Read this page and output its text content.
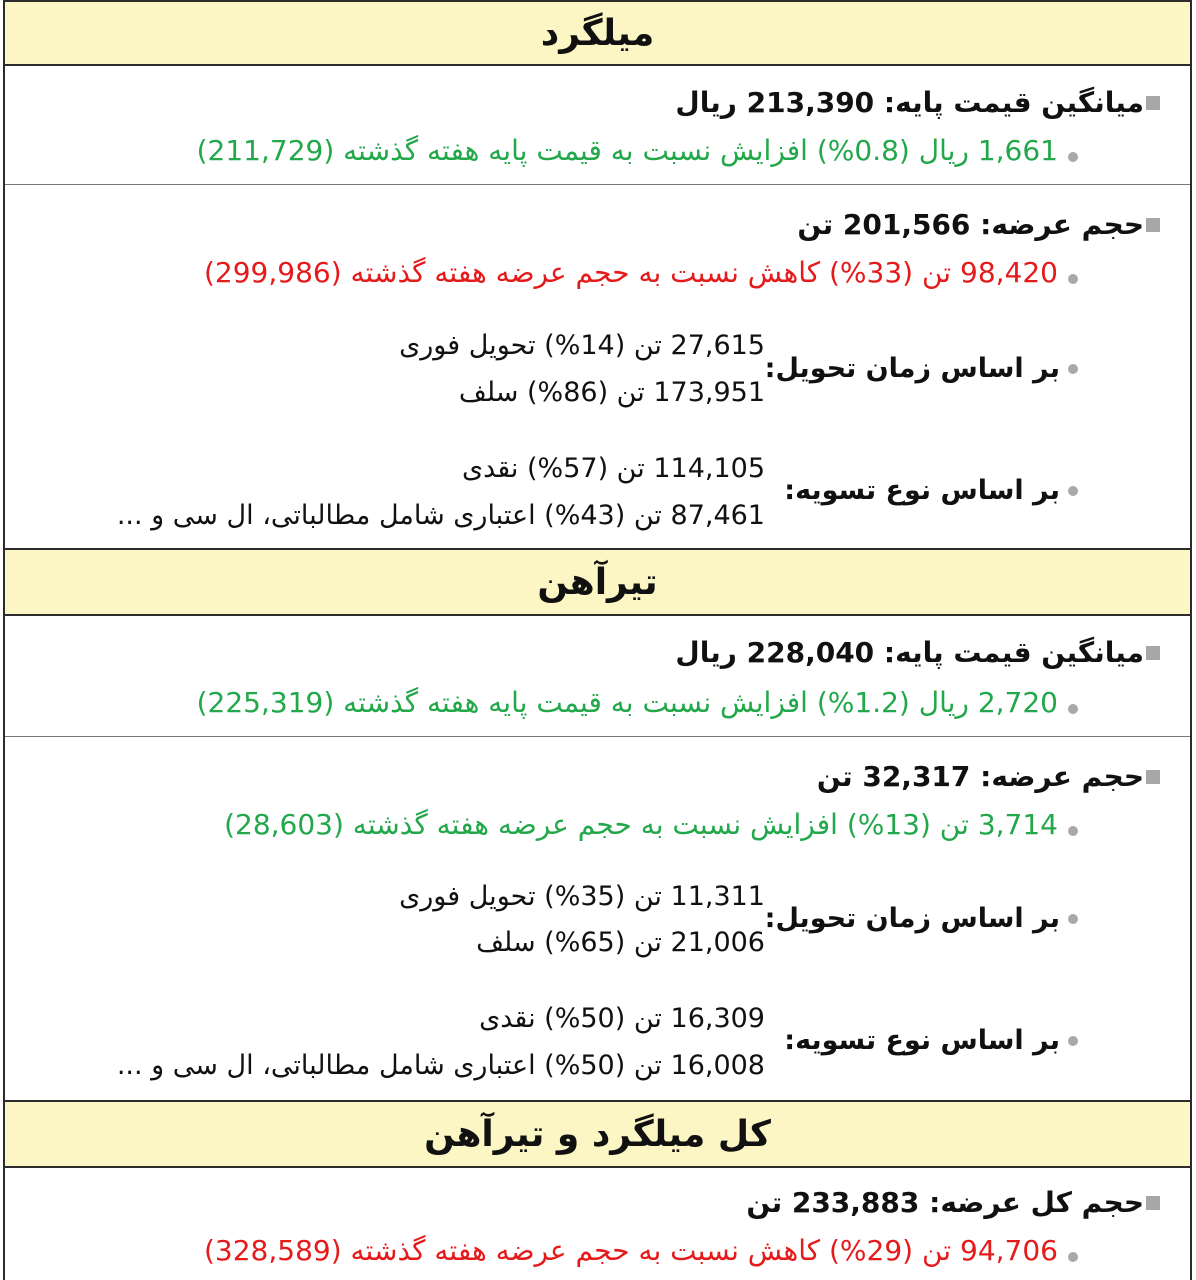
میلگرد
میانگین قیمت پایه:

213,390

ریال
1,661 ریال (0.8%) افزایش نسبت به قیمت پایه هفته گذشته (211,729)
حجم عرضه:

201,566

تن
98,420 تن (33%) کاهش نسبت به حجم عرضه هفته گذشته (299,986)
بر اساس زمان تحویل:
27,615 تن (14%) تحویل فوری
173,951 تن (86%) سلف
بر اساس نوع تسویه:
114,105 تن (57%) نقدی
87,461 تن (43%) اعتباری شامل مطالباتی، ال سی و ...
تیرآهن
میانگین قیمت پایه:

228,040

ریال
2,720 ریال (1.2%) افزایش نسبت به قیمت پایه هفته گذشته (225,319)
حجم عرضه:

32,317

تن
3,714 تن (13%) افزایش نسبت به حجم عرضه هفته گذشته (28,603)
بر اساس زمان تحویل:
11,311 تن (35%) تحویل فوری
21,006 تن (65%) سلف
بر اساس نوع تسویه:
16,309 تن (50%) نقدی
16,008 تن (50%) اعتباری شامل مطالباتی، ال سی و ...
کل میلگرد و تیرآهن
حجم کل عرضه:

233,883

تن
94,706 تن (29%) کاهش نسبت به حجم عرضه هفته گذشته (328,589)
